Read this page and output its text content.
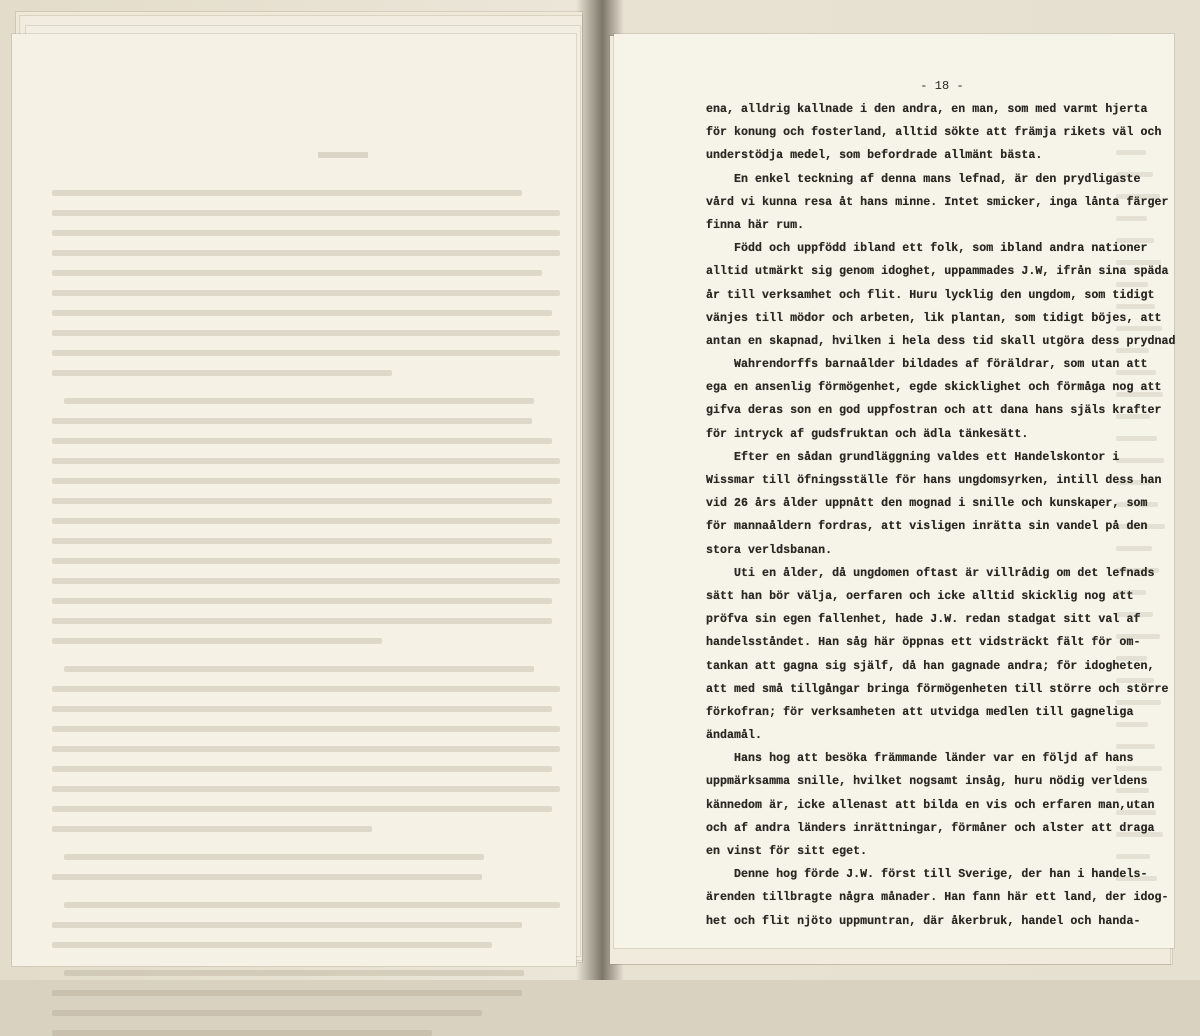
- 18 -
ena, alldrig kallnade i den andra, en man, som med varmt hjerta
för konung och fosterland, alltid sökte att främja rikets väl och
understödja medel, som befordrade allmänt bästa.
En enkel teckning af denna mans lefnad, är den prydligaste
vård vi kunna resa åt hans minne. Intet smicker, inga lånta färger
finna här rum.
Född och uppfödd ibland ett folk, som ibland andra nationer
alltid utmärkt sig genom idoghet, uppammades J.W, ifrån sina späda
år till verksamhet och flit. Huru lycklig den ungdom, som tidigt
vänjes till mödor och arbeten, lik plantan, som tidigt böjes, att
antan en skapnad, hvilken i hela dess tid skall utgöra dess prydnad
Wahrendorffs barnaålder bildades af föräldrar, som utan att
ega en ansenlig förmögenhet, egde skicklighet och förmåga nog att
gifva deras son en god uppfostran och att dana hans själs krafter
för intryck af gudsfruktan och ädla tänkesätt.
Efter en sådan grundläggning valdes ett Handelskontor i
Wissmar till öfningsställe för hans ungdomsyrken, intill dess han
vid 26 års ålder uppnått den mognad i snille och kunskaper, som
för mannaåldern fordras, att visligen inrätta sin vandel på den
stora verldsbanan.
Uti en ålder, då ungdomen oftast är villrådig om det lefnads
sätt han bör välja, oerfaren och icke alltid skicklig nog att
pröfva sin egen fallenhet, hade J.W. redan stadgat sitt val af
handelsståndet. Han såg här öppnas ett vidsträckt fält för om-
tankan att gagna sig själf, då han gagnade andra; för idogheten,
att med små tillgångar bringa förmögenheten till större och större
förkofran; för verksamheten att utvidga medlen till gagneliga
ändamål.
Hans hog att besöka främmande länder var en följd af hans
uppmärksamma snille, hvilket nogsamt insåg, huru nödig verldens
kännedom är, icke allenast att bilda en vis och erfaren man,utan
och af andra länders inrättningar, förmåner och alster att draga
en vinst för sitt eget.
Denne hog förde J.W. först till Sverige, der han i handels-
ärenden tillbragte några månader. Han fann här ett land, der idog-
het och flit njöto uppmuntran, där åkerbruk, handel och handa-
